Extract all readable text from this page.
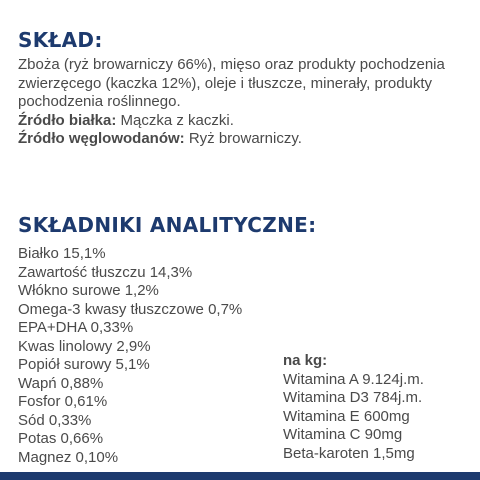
SKŁAD:

Zboża (ryż browarniczy 66%), mięso oraz produkty pochodzenia zwierzęcego (kaczka 12%), oleje i tłuszcze, minerały, produkty pochodzenia roślinnego.

Źródło białka: Mączka z kaczki.

Źródło węglowodanów: Ryż browarniczy.

SKŁADNIKI ANALITYCZNE:
Białko 15,1%
Zawartość tłuszczu 14,3%
Włókno surowe 1,2%
Omega-3 kwasy tłuszczowe 0,7%
EPA+DHA 0,33%
Kwas linolowy 2,9%
Popiół surowy 5,1%
Wapń 0,88%
Fosfor 0,61%
Sód 0,33%
Potas 0,66%
Magnez 0,10%
na kg:
Witamina A 9.124j.m.
Witamina D3 784j.m.
Witamina E 600mg
Witamina C 90mg
Beta-karoten 1,5mg
